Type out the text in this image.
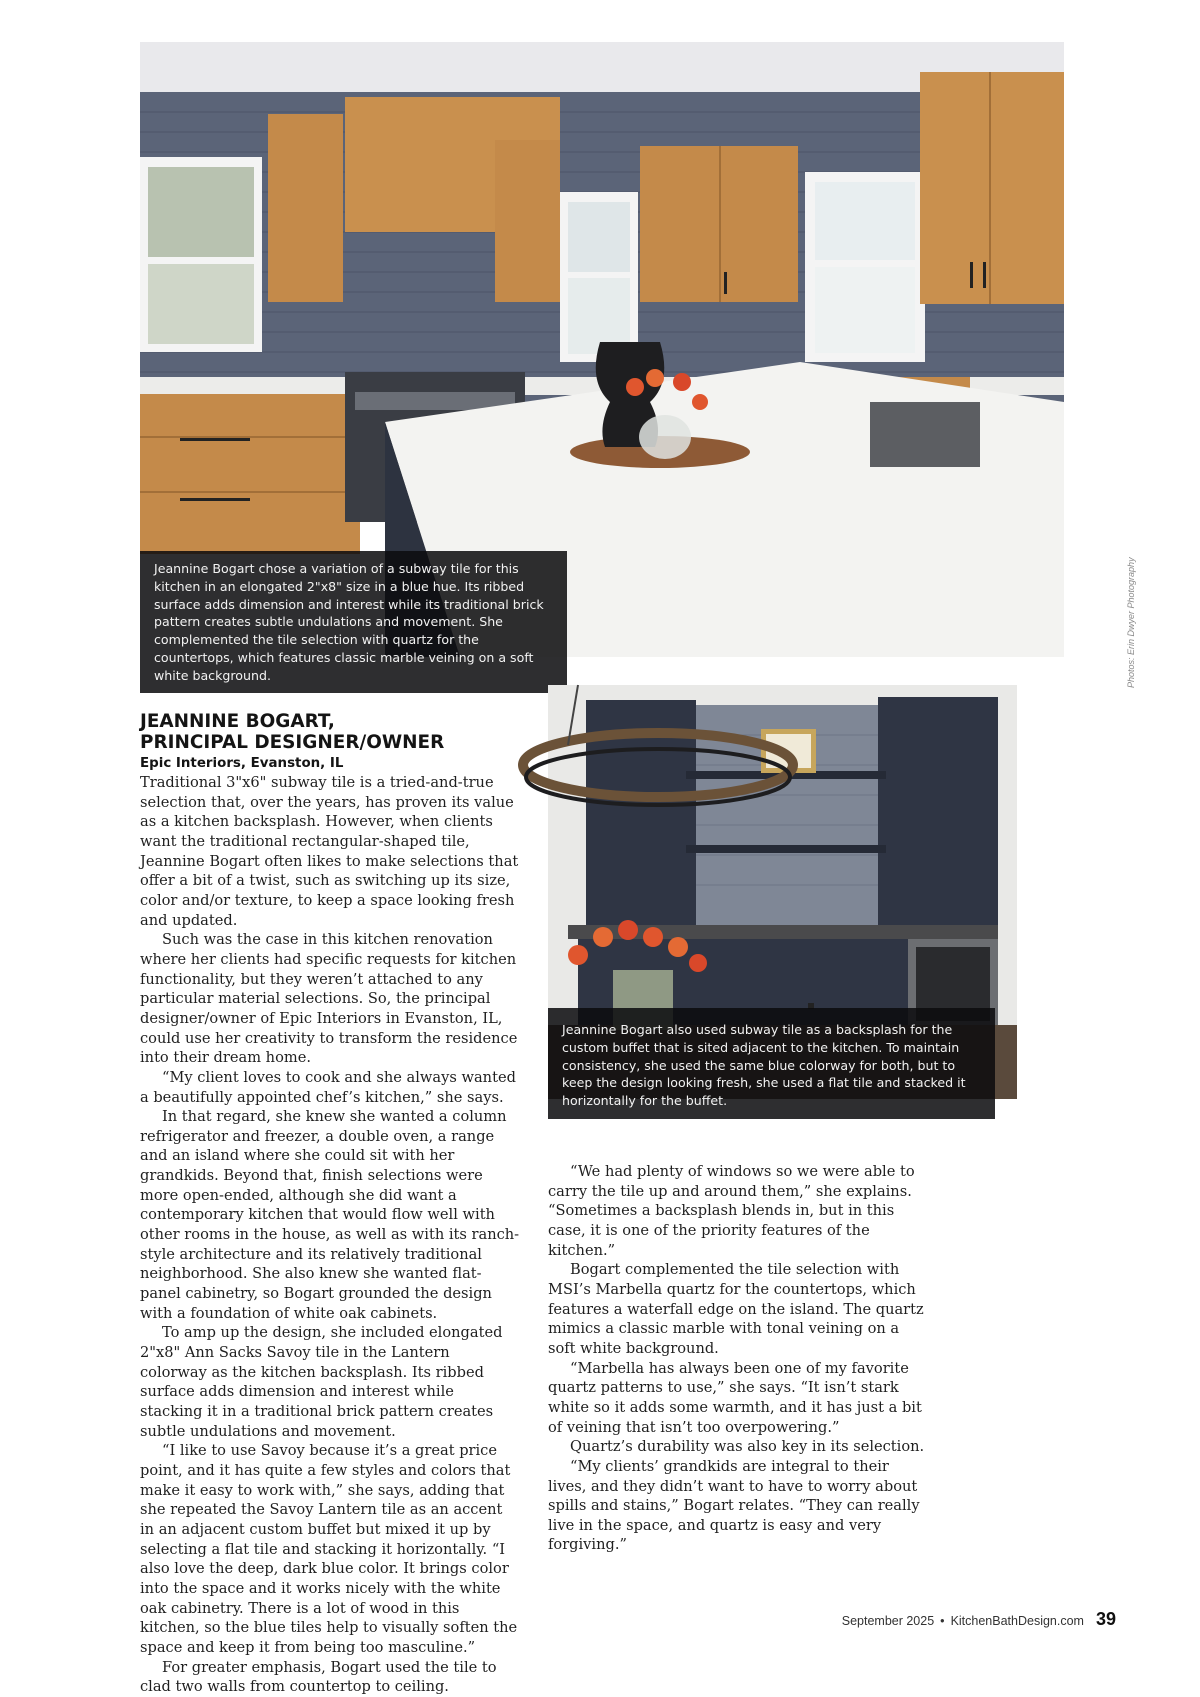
Jeannine Bogart chose a variation of a subway tile for this kitchen in an elongated 2"x8" size in a blue hue. Its ribbed surface adds dimension and interest while its traditional brick pattern creates subtle undulations and movement. She complemented the tile selection with quartz for the countertops, which features classic marble veining on a soft white background.	Photos: Erin Dwyer Photography

Jeannine Bogart also used subway tile as a backsplash for the custom buffet that is sited adjacent to the kitchen. To maintain consistency, she used the same blue colorway for both, but to keep the design looking fresh, she used a flat tile and stacked it horizontally for the buffet.

JEANNINE BOGART,
PRINCIPAL DESIGNER/OWNER
Epic Interiors, Evanston, IL

Traditional 3"x6" subway tile is a tried-and-true selection that, over the years, has proven its value as a kitchen backsplash. However, when clients want the traditional rectangular-shaped tile, Jeannine Bogart often likes to make selections that offer a bit of a twist, such as switching up its size, color and/or texture, to keep a space looking fresh and updated.

Such was the case in this kitchen renovation where her clients had specific requests for kitchen functionality, but they weren’t attached to any particular material selections. So, the principal designer/owner of Epic Interiors in Evanston, IL, could use her creativity to transform the residence into their dream home.

“My client loves to cook and she always wanted a beautifully appointed chef’s kitchen,” she says.

In that regard, she knew she wanted a column refrigerator and freezer, a double oven, a range and an island where she could sit with her grandkids. Beyond that, finish selections were more open-ended, although she did want a contemporary kitchen that would flow well with other rooms in the house, as well as with its ranch-style architecture and its relatively traditional neighborhood. She also knew she wanted flat-panel cabinetry, so Bogart grounded the design with a foundation of white oak cabinets.

To amp up the design, she included elongated 2"x8" Ann Sacks Savoy tile in the Lantern colorway as the kitchen backsplash. Its ribbed surface adds dimension and interest while stacking it in a traditional brick pattern creates subtle undulations and movement.

“I like to use Savoy because it’s a great price point, and it has quite a few styles and colors that make it easy to work with,” she says, adding that she repeated the Savoy Lantern tile as an accent in an adjacent custom buffet but mixed it up by selecting a flat tile and stacking it horizontally. “I also love the deep, dark blue color. It brings color into the space and it works nicely with the white oak cabinetry. There is a lot of wood in this kitchen, so the blue tiles help to visually soften the space and keep it from being too masculine.”

For greater emphasis, Bogart used the tile to clad two walls from countertop to ceiling.

“We had plenty of windows so we were able to carry the tile up and around them,” she explains. “Sometimes a backsplash blends in, but in this case, it is one of the priority features of the kitchen.”

Bogart complemented the tile selection with MSI’s Marbella quartz for the countertops, which features a waterfall edge on the island. The quartz mimics a classic marble with tonal veining on a soft white background.

“Marbella has always been one of my favorite quartz patterns to use,” she says. “It isn’t stark white so it adds some warmth, and it has just a bit of veining that isn’t too overpowering.”

Quartz’s durability was also key in its selection.

“My clients’ grandkids are integral to their lives, and they didn’t want to have to worry about spills and stains,” Bogart relates. “They can really live in the space, and quartz is easy and very forgiving.”

September 2025 • KitchenBathDesign.com 39
